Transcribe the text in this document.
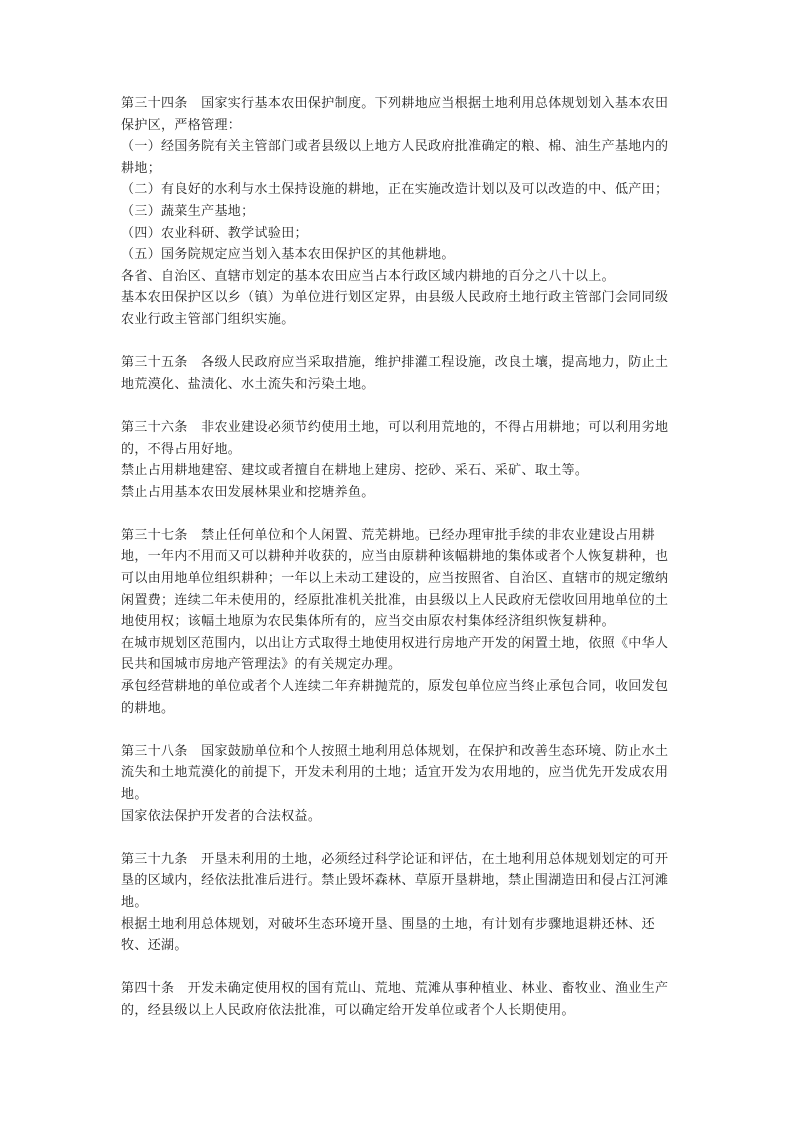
第三十四条　国家实行基本农田保护制度。下列耕地应当根据土地利用总体规划划入基本农田保护区，严格管理：

（一）经国务院有关主管部门或者县级以上地方人民政府批准确定的粮、棉、油生产基地内的耕地；

（二）有良好的水利与水土保持设施的耕地，正在实施改造计划以及可以改造的中、低产田；

（三）蔬菜生产基地；

（四）农业科研、教学试验田；

（五）国务院规定应当划入基本农田保护区的其他耕地。

各省、自治区、直辖市划定的基本农田应当占本行政区域内耕地的百分之八十以上。

基本农田保护区以乡（镇）为单位进行划区定界，由县级人民政府土地行政主管部门会同同级农业行政主管部门组织实施。

第三十五条　各级人民政府应当采取措施，维护排灌工程设施，改良土壤，提高地力，防止土地荒漠化、盐渍化、水土流失和污染土地。

第三十六条　非农业建设必须节约使用土地，可以利用荒地的，不得占用耕地；可以利用劣地的，不得占用好地。

禁止占用耕地建窑、建坟或者擅自在耕地上建房、挖砂、采石、采矿、取土等。

禁止占用基本农田发展林果业和挖塘养鱼。

第三十七条　禁止任何单位和个人闲置、荒芜耕地。已经办理审批手续的非农业建设占用耕地，一年内不用而又可以耕种并收获的，应当由原耕种该幅耕地的集体或者个人恢复耕种，也可以由用地单位组织耕种；一年以上未动工建设的，应当按照省、自治区、直辖市的规定缴纳闲置费；连续二年未使用的，经原批准机关批准，由县级以上人民政府无偿收回用地单位的土地使用权；该幅土地原为农民集体所有的，应当交由原农村集体经济组织恢复耕种。

在城市规划区范围内，以出让方式取得土地使用权进行房地产开发的闲置土地，依照《中华人民共和国城市房地产管理法》的有关规定办理。

承包经营耕地的单位或者个人连续二年弃耕抛荒的，原发包单位应当终止承包合同，收回发包的耕地。

第三十八条　国家鼓励单位和个人按照土地利用总体规划，在保护和改善生态环境、防止水土流失和土地荒漠化的前提下，开发未利用的土地；适宜开发为农用地的，应当优先开发成农用地。

国家依法保护开发者的合法权益。

第三十九条　开垦未利用的土地，必须经过科学论证和评估，在土地利用总体规划划定的可开垦的区域内，经依法批准后进行。禁止毁坏森林、草原开垦耕地，禁止围湖造田和侵占江河滩地。

根据土地利用总体规划，对破坏生态环境开垦、围垦的土地，有计划有步骤地退耕还林、还牧、还湖。

第四十条　开发未确定使用权的国有荒山、荒地、荒滩从事种植业、林业、畜牧业、渔业生产的，经县级以上人民政府依法批准，可以确定给开发单位或者个人长期使用。
